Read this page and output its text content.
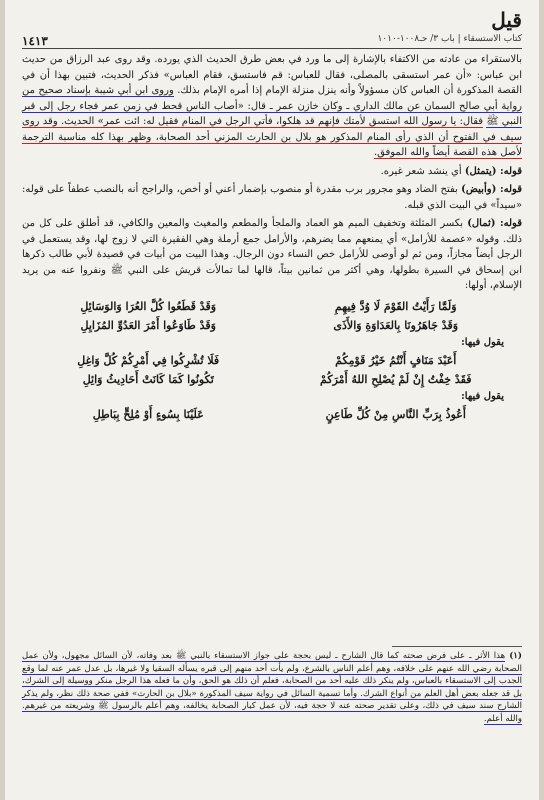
قيل
كتاب الاستسقاء | باب ٣/ حـ١٠٠٨-١٠١٠
١٤١٣

بالاستقراء من عادته من الاكتفاء بالإشارة إلى ما ورد في بعض طرق الحديث الذي يورده. وقد روى عبد الرزاق من حديث ابن عباس: «أن عمر استسقى بالمصلى، فقال للعباس: قم فاستسق، فقام العباس» فذكر الحديث، فتبين بهذا أن في القصة المذكورة أن العباس كان مسؤولاً وأنه ينزل منزلة الإمام إذا أمره الإمام بذلك. وروى ابن أبي شيبة بإسناد صحيح من رواية أبي صالح السمان عن مالك الداري ـ وكان خازن عمر ـ قال: «أصاب الناس قحط في زمن عمر فجاء رجل إلى قبر النبي ﷺ فقال: يا رسول الله استسق لأمتك فإنهم قد هلكوا، فأتي الرجل في المنام فقيل له: ائت عمر» الحديث. وقد روى سيف في الفتوح أن الذي رأى المنام المذكور هو بلال بن الحارث المزني أحد الصحابة، وظهر بهذا كله مناسبة الترجمة لأصل هذه القصة أيضاً والله الموفق.

قوله: (يتمثل) أي ينشد شعر غيره.

قوله: (وأبيض) بفتح الضاد وهو مجرور برب مقدرة أو منصوب بإضمار أعني أو أخص، والراجح أنه بالنصب عطفاً على قوله: «سيداً» في البيت الذي قبله.

قوله: (ثمال) بكسر المثلثة وتخفيف الميم هو العماد والملجأ والمطعم والمغيث والمعين والكافي، قد أطلق على كل من ذلك. وقوله «عصمة للأرامل» أي يمنعهم مما يضرهم، والأرامل جمع أرملة وهي الفقيرة التي لا زوج لها، وقد يستعمل في الرجل أيضاً مجازاً، ومن ثم لو أوصى للأرامل خص النساء دون الرجال. وهذا البيت من أبيات في قصيدة لأبي طالب ذكرها ابن إسحاق في السيرة بطولها، وهي أكثر من ثمانين بيتاً، قالها لما تمالأت قريش على النبي ﷺ ونفروا عنه من يريد الإسلام، أولها:

وَلَمَّا رَأَيْتُ القَوْمَ لَا وُدَّ فِيهِمِ
وَقَدْ قَطَعُوا كُلَّ العُرَا وَالوَسَائِلِ
وَقَدْ جَاهَرُونَا بِالعَدَاوَةِ وَالأَذَى
وَقَدْ طَاوَعُوا أَمْرَ العَدُوِّ المُزَايِلِ
يقول فيها:
أَعَبْدَ مَنَافٍ أَنْتُمُ خَيْرُ قَوْمِكُمْ
فَلَا تُشْرِكُوا فِي أَمْرِكُمْ كُلَّ وَاغِلِ
فَقَدْ خِفْتُ إِنْ لَمْ يُصْلِحِ اللهُ أَمْرَكُمْ
تَكُونُوا كَمَا كَانَتْ أَحَادِيثُ وَائِلِ
يقول فيها:
أَعُوذُ بِرَبِّ النَّاسِ مِنْ كُلِّ طَاعِنٍ
عَلَيْنَا بِسُوءٍ أَوْ مُلِحٍّ بِبَاطِلِ
(١)هذا الأثر ـ على فرض صحته كما قال الشارح ـ ليس بحجة على جواز الاستسقاء بالنبي ﷺ بعد وفاته، لأن السائل مجهول، ولأن عمل الصحابة رضي الله عنهم على خلافه، وهم أعلم الناس بالشرع، ولم يأت أحد منهم إلى قبره يسأله السقيا ولا غيرها، بل عدل عمر عنه لما وقع الجدب إلى الاستسقاء بالعباس، ولم ينكر ذلك عليه أحد من الصحابة، فعلم أن ذلك هو الحق، وأن ما فعله هذا الرجل منكر ووسيلة إلى الشرك، بل قد جعله بعض أهل العلم من أنواع الشرك. وأما تسمية السائل في رواية سيف المذكورة «بلال بن الحارث» ففي صحة ذلك نظر، ولم يذكر الشارح سند سيف في ذلك، وعلى تقدير صحته عنه لا حجة فيه، لأن عمل كبار الصحابة يخالفه، وهم أعلم بالرسول ﷺ وشريعته من غيرهم. والله أعلم.
